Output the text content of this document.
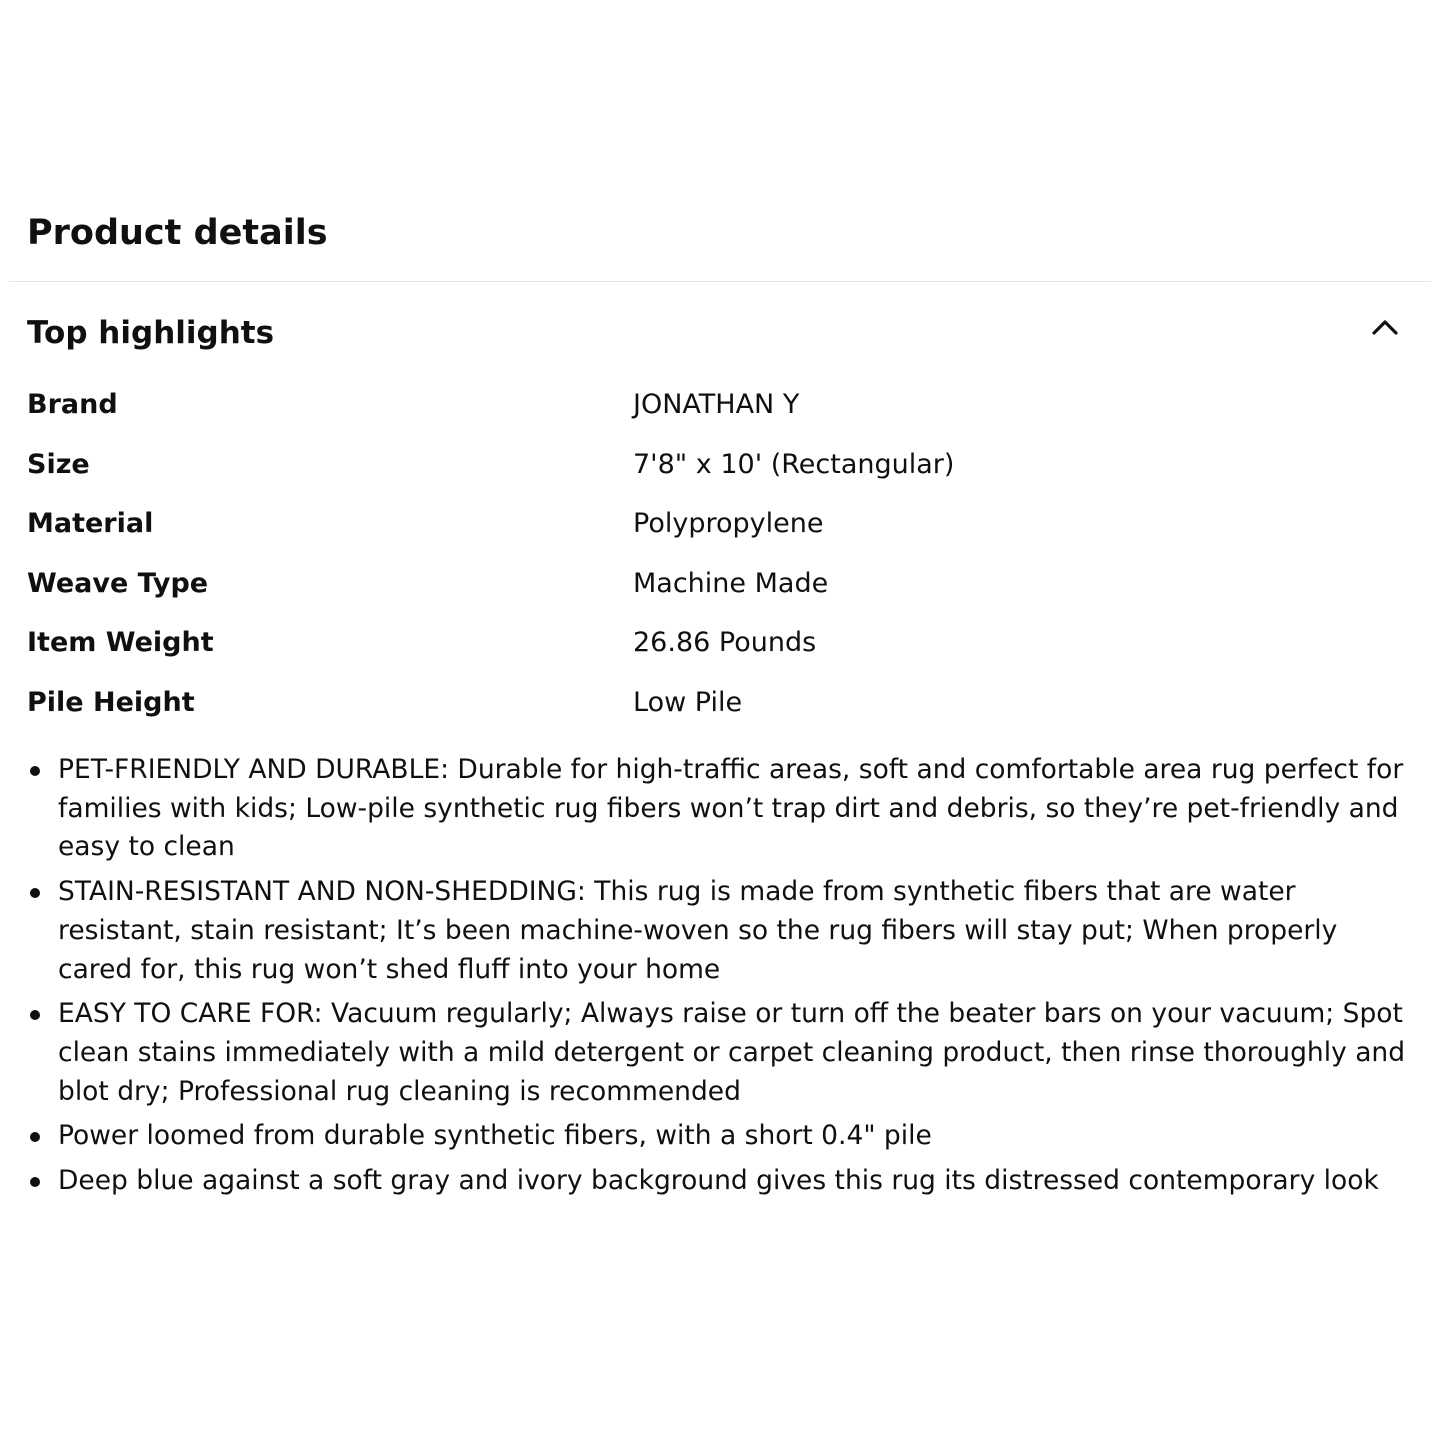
Product details
Top highlights
Brand	JONATHAN Y
Size	7'8" x 10' (Rectangular)
Material	Polypropylene
Weave Type	Machine Made
Item Weight	26.86 Pounds
Pile Height	Low Pile
PET-FRIENDLY AND DURABLE: Durable for high-traffic areas, soft and comfortable area rug perfect for families with kids; Low-pile synthetic rug fibers won’t trap dirt and debris, so they’re pet-friendly and easy to clean
STAIN-RESISTANT AND NON-SHEDDING: This rug is made from synthetic fibers that are water resistant, stain resistant; It’s been machine-woven so the rug fibers will stay put; When properly cared for, this rug won’t shed fluff into your home
EASY TO CARE FOR: Vacuum regularly; Always raise or turn off the beater bars on your vacuum; Spot clean stains immediately with a mild detergent or carpet cleaning product, then rinse thoroughly and blot dry; Professional rug cleaning is recommended
Power loomed from durable synthetic fibers, with a short 0.4" pile
Deep blue against a soft gray and ivory background gives this rug its distressed contemporary look
